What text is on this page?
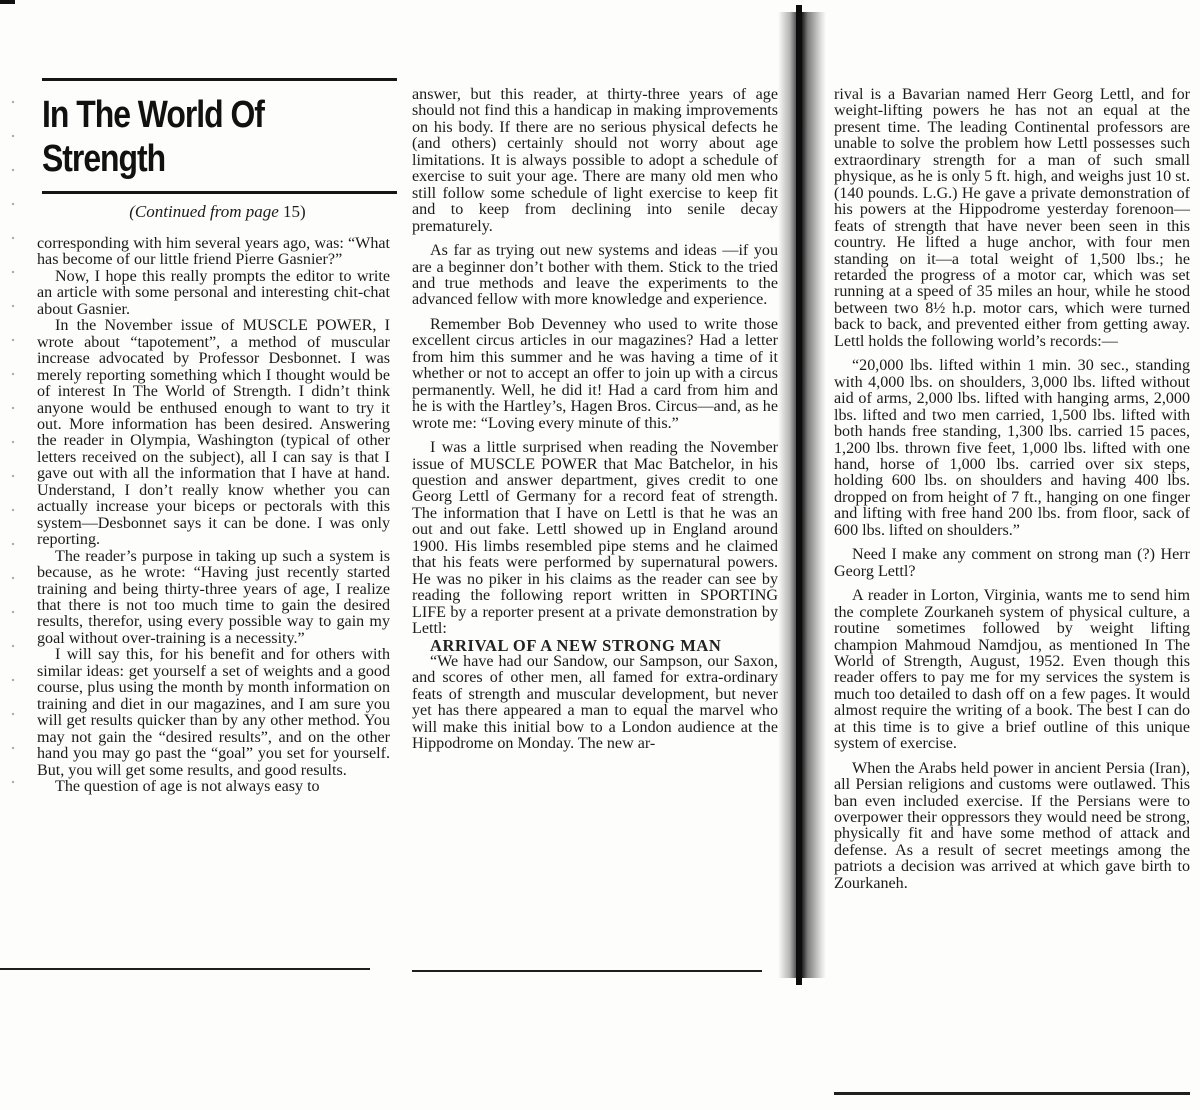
In The World Of
Strength
(Continued from page 15)

corresponding with him several years ago, was: “What has become of our little friend Pierre Gasnier?”

Now, I hope this really prompts the editor to write an article with some personal and interesting chit-chat about Gasnier.

In the November issue of MUSCLE POWER, I wrote about “tapotement”, a method of muscular increase advocated by Professor Desbonnet. I was merely reporting something which I thought would be of interest In The World of Strength. I didn’t think anyone would be enthused enough to want to try it out. More information has been desired. Answering the reader in Olympia, Washington (typical of other letters received on the subject), all I can say is that I gave out with all the information that I have at hand. Understand, I don’t really know whether you can actually increase your biceps or pectorals with this system—Desbonnet says it can be done. I was only reporting.

The reader’s purpose in taking up such a system is because, as he wrote: “Having just recently started training and being thirty-three years of age, I realize that there is not too much time to gain the desired results, therefor, using every possible way to gain my goal without over-training is a necessity.”

I will say this, for his benefit and for others with similar ideas: get yourself a set of weights and a good course, plus using the month by month information on training and diet in our magazines, and I am sure you will get results quicker than by any other method. You may not gain the “desired results”, and on the other hand you may go past the “goal” you set for yourself. But, you will get some results, and good results.

The question of age is not always easy to

answer, but this reader, at thirty-three years of age should not find this a handicap in making improvements on his body. If there are no serious physical defects he (and others) certainly should not worry about age limitations. It is always possible to adopt a schedule of exercise to suit your age. There are many old men who still follow some schedule of light exercise to keep fit and to keep from declining into senile decay prematurely.

As far as trying out new systems and ideas —if you are a beginner don’t bother with them. Stick to the tried and true methods and leave the experiments to the advanced fellow with more knowledge and experience.

Remember Bob Devenney who used to write those excellent circus articles in our magazines? Had a letter from him this summer and he was having a time of it whether or not to accept an offer to join up with a circus permanently. Well, he did it! Had a card from him and he is with the Hartley’s, Hagen Bros. Circus—and, as he wrote me: “Loving every minute of this.”

I was a little surprised when reading the November issue of MUSCLE POWER that Mac Batchelor, in his question and answer department, gives credit to one Georg Lettl of Germany for a record feat of strength. The information that I have on Lettl is that he was an out and out fake. Lettl showed up in England around 1900. His limbs resembled pipe stems and he claimed that his feats were performed by supernatural powers. He was no piker in his claims as the reader can see by reading the following report written in SPORTING LIFE by a reporter present at a private demonstration by Lettl:

ARRIVAL OF A NEW STRONG MAN

“We have had our Sandow, our Sampson, our Saxon, and scores of other men, all famed for extra-ordinary feats of strength and muscular development, but never yet has there appeared a man to equal the marvel who will make this initial bow to a London audience at the Hippodrome on Monday. The new ar-

rival is a Bavarian named Herr Georg Lettl, and for weight-lifting powers he has not an equal at the present time. The leading Continental professors are unable to solve the problem how Lettl possesses such extraordinary strength for a man of such small physique, as he is only 5 ft. high, and weighs just 10 st. (140 pounds. L.G.) He gave a private demonstration of his powers at the Hippodrome yesterday forenoon—feats of strength that have never been seen in this country. He lifted a huge anchor, with four men standing on it—a total weight of 1,500 lbs.; he retarded the progress of a motor car, which was set running at a speed of 35 miles an hour, while he stood between two 8½ h.p. motor cars, which were turned back to back, and prevented either from getting away. Lettl holds the following world’s records:—

“20,000 lbs. lifted within 1 min. 30 sec., standing with 4,000 lbs. on shoulders, 3,000 lbs. lifted without aid of arms, 2,000 lbs. lifted with hanging arms, 2,000 lbs. lifted and two men carried, 1,500 lbs. lifted with both hands free standing, 1,300 lbs. carried 15 paces, 1,200 lbs. thrown five feet, 1,000 lbs. lifted with one hand, horse of 1,000 lbs. carried over six steps, holding 600 lbs. on shoulders and having 400 lbs. dropped on from height of 7 ft., hanging on one finger and lifting with free hand 200 lbs. from floor, sack of 600 lbs. lifted on shoulders.”

Need I make any comment on strong man (?) Herr Georg Lettl?

A reader in Lorton, Virginia, wants me to send him the complete Zourkaneh system of physical culture, a routine sometimes followed by weight lifting champion Mahmoud Namdjou, as mentioned In The World of Strength, August, 1952. Even though this reader offers to pay me for my services the system is much too detailed to dash off on a few pages. It would almost require the writing of a book. The best I can do at this time is to give a brief outline of this unique system of exercise.

When the Arabs held power in ancient Persia (Iran), all Persian religions and customs were outlawed. This ban even included exercise. If the Persians were to overpower their oppressors they would need be strong, physically fit and have some method of attack and defense. As a result of secret meetings among the patriots a decision was arrived at which gave birth to Zourkaneh.
